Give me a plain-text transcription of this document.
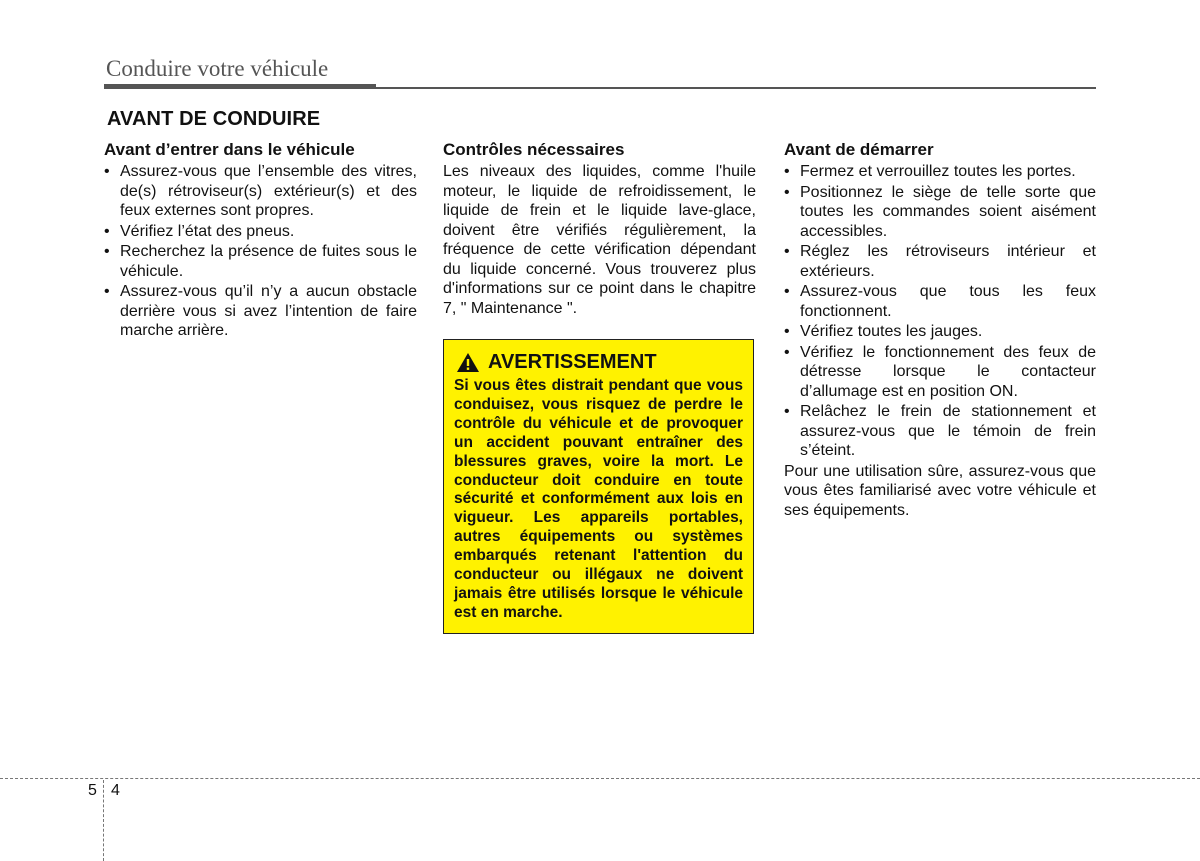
Conduire votre véhicule
AVANT DE CONDUIRE
Avant d’entrer dans le véhicule
• Assurez-vous que l’ensemble des vitres, de(s) rétroviseur(s) extérieur(s) et des feux externes sont propres.
• Vérifiez l’état des pneus.
• Recherchez la présence de fuites sous le véhicule.
• Assurez-vous qu’il n’y a aucun obstacle derrière vous si avez l’intention de faire marche arrière.
Contrôles nécessaires

Les niveaux des liquides, comme l'huile moteur, le liquide de refroidissement, le liquide de frein et le liquide lave-glace, doivent être vérifiés régulièrement, la fréquence de cette vérification dépendant du liquide concerné. Vous trouverez plus d'informations sur ce point dans le chapitre 7, " Maintenance ".

AVERTISSEMENT

Si vous êtes distrait pendant que vous conduisez, vous risquez de perdre le contrôle du véhicule et de provoquer un accident pouvant entraîner des blessures graves, voire la mort. Le conducteur doit conduire en toute sécurité et conformément aux lois en vigueur. Les appareils portables, autres équipements ou systèmes embarqués retenant l'attention du conducteur ou illégaux ne doivent jamais être utilisés lorsque le véhicule est en marche.

Avant de démarrer
• Fermez et verrouillez toutes les portes.
• Positionnez le siège de telle sorte que toutes les commandes soient aisément accessibles.
• Réglez les rétroviseurs intérieur et extérieurs.
• Assurez-vous que tous les feux fonctionnent.
• Vérifiez toutes les jauges.
• Vérifiez le fonctionnement des feux de détresse lorsque le contacteur d’allumage est en position ON.
• Relâchez le frein de stationnement et assurez-vous que le témoin de frein s’éteint.

Pour une utilisation sûre, assurez-vous que vous êtes familiarisé avec votre véhicule et ses équipements.

5 4
